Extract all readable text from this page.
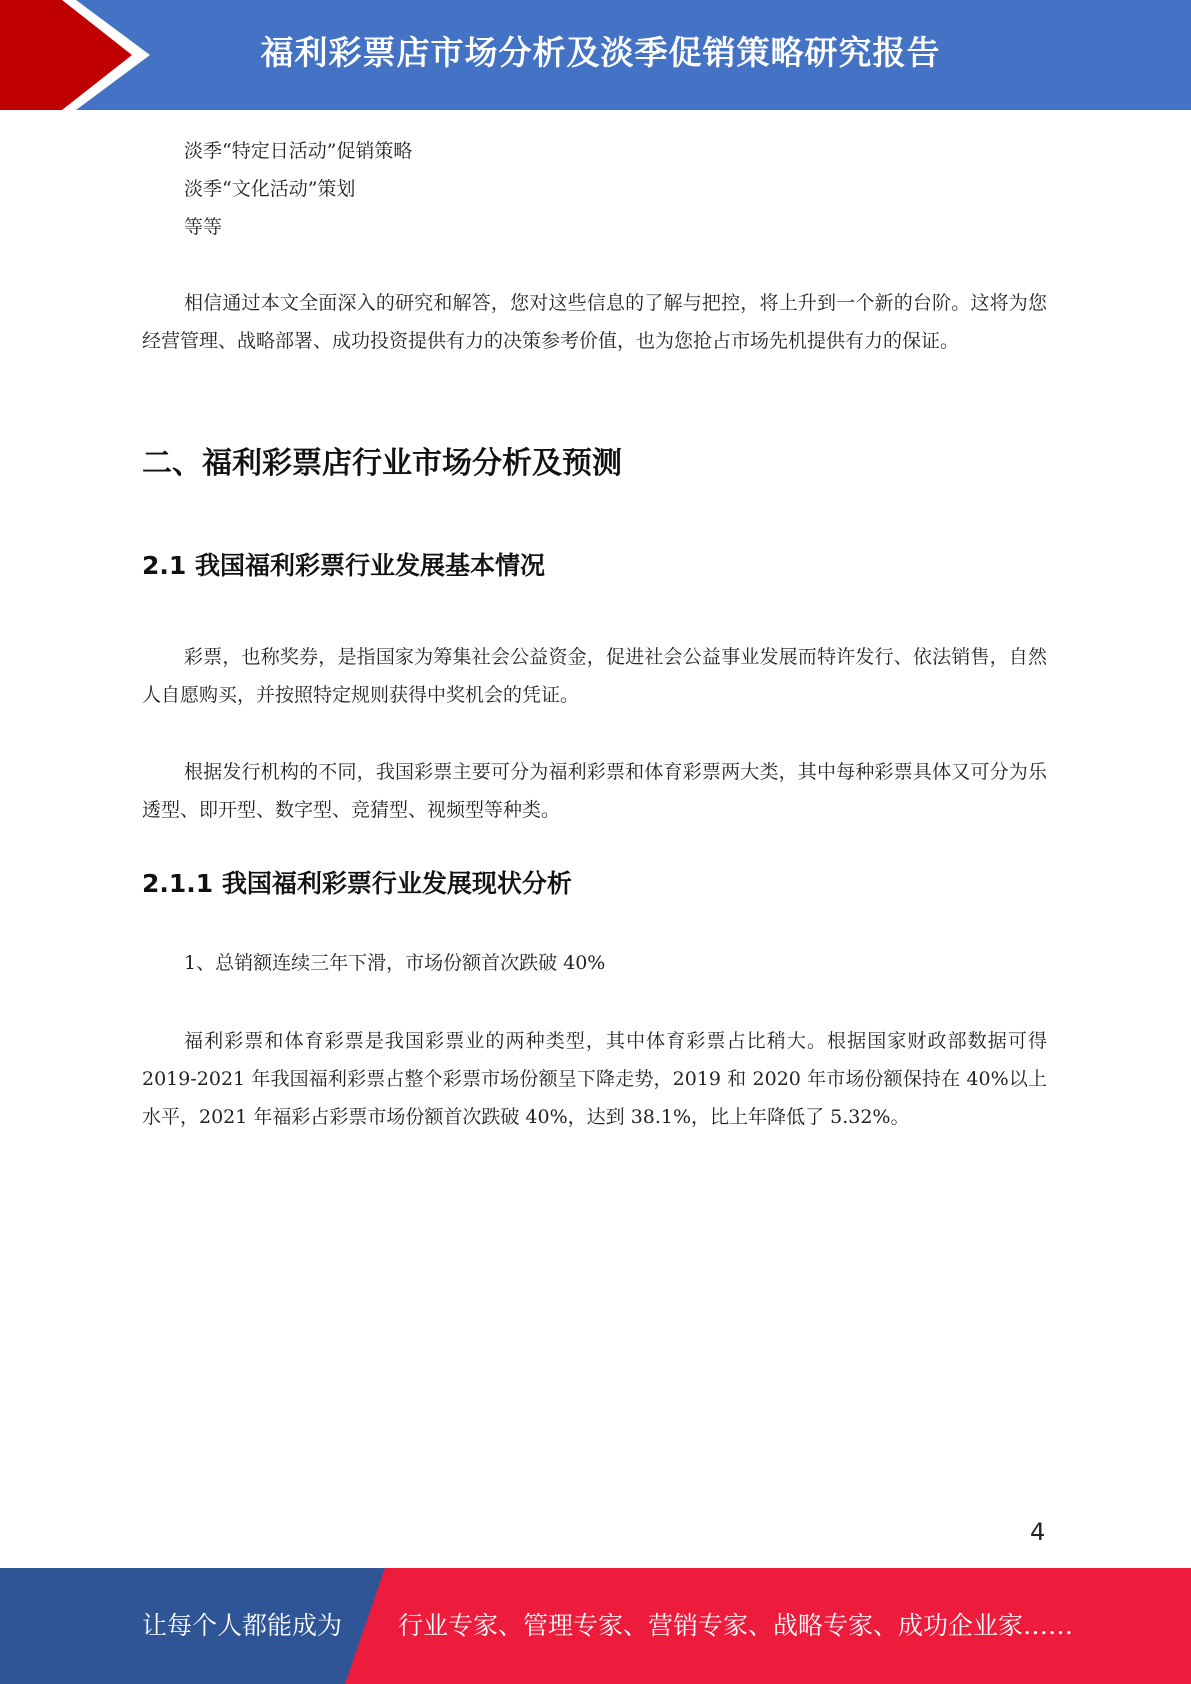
福利彩票店市场分析及淡季促销策略研究报告
淡季“特定日活动”促销策略
淡季“文化活动”策划
等等

相信通过本文全面深入的研究和解答，您对这些信息的了解与把控，将上升到一个新的台阶。这将为您经营管理、战略部署、成功投资提供有力的决策参考价值，也为您抢占市场先机提供有力的保证。

二、福利彩票店行业市场分析及预测
2.1 我国福利彩票行业发展基本情况

彩票，也称奖券，是指国家为筹集社会公益资金，促进社会公益事业发展而特许发行、依法销售，自然人自愿购买，并按照特定规则获得中奖机会的凭证。

根据发行机构的不同，我国彩票主要可分为福利彩票和体育彩票两大类，其中每种彩票具体又可分为乐透型、即开型、数字型、竞猜型、视频型等种类。

2.1.1 我国福利彩票行业发展现状分析
1、总销额连续三年下滑，市场份额首次跌破 40%

福利彩票和体育彩票是我国彩票业的两种类型，其中体育彩票占比稍大。根据国家财政部数据可得 2019-2021 年我国福利彩票占整个彩票市场份额呈下降走势，2019 和 2020 年市场份额保持在 40%以上水平，2021 年福彩占彩票市场份额首次跌破 40%，达到 38.1%，比上年降低了 5.32%。

4
让每个人都能成为 行业专家、管理专家、营销专家、战略专家、成功企业家……
